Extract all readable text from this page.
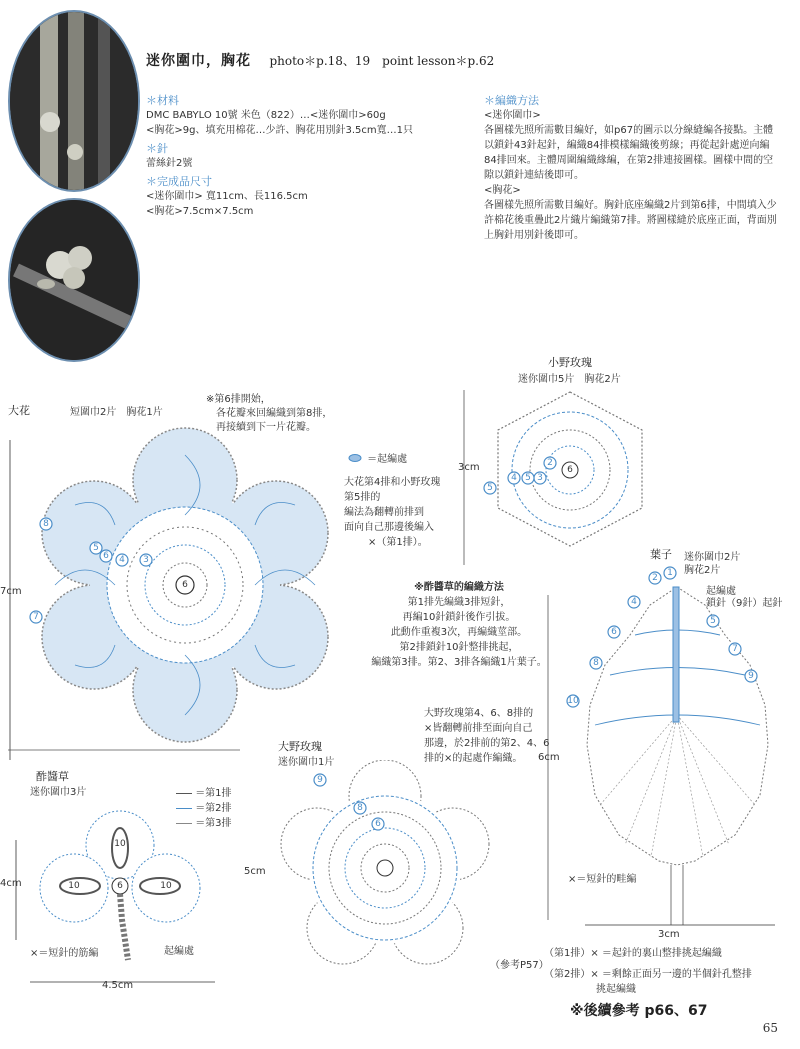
迷你圍巾，胸花 photo＊p.18、19　point lesson＊p.62
＊材料
DMC BABYLO 10號 米色（822）…<迷你圍巾>60g
<胸花>9g、填充用棉花…少許、胸花用別針3.5cm寬…1只
＊針
蕾絲針2號
＊完成品尺寸
<迷你圍巾> 寬11cm、長116.5cm
<胸花>7.5cm×7.5cm
＊編織方法
<迷你圍巾>
各圖樣先照所需數目編好，如p67的圖示以分線縫編各接點。主體以鎖針43針起針，編織84排模樣編織後剪線；再從起針處逆向編84排回來。主體周圍編織緣編，在第2排連接圖樣。圖樣中間的空隙以鎖針連結後即可。
<胸花>
各圖樣先照所需數目編好。胸針底座編織2片到第6排，中間填入少許棉花後重疊此2片織片編織第7排。將圖樣縫於底座正面，背面別上胸針用別針後即可。
大花	短圍巾2片　胸花1片
※第6排開始，
各花瓣來回編織到第8排，
再接續到下一片花瓣。
7cm
6
8
5
6 4 3
7
＝起編處
大花第4排和小野玫瑰
第5排的
編法為翻轉前排到
面向自己那邊後編入
×（第1排）。
小野玫瑰
迷你圍巾5片　胸花2片
3cm	6
2
3
4 5
5
※酢醬草的編織方法
第1排先編織3排短針，
再編10針鎖針後作引拔。
此動作重複3次，再編織莖部。
第2排鎖針10針整排挑起，
編織第3排。第2、3排各編織1片葉子。
葉子 迷你圍巾2片
胸花2片
起編處
鎖針（9針）起針
6cm
3cm
×＝短針的畦編
1
2
4
5
6
7
8
9
10
酢醬草
迷你圍巾3片	＝第1排
＝第2排
＝第3排
4cm
4.5cm
起編處
×＝短針的筋編
6
10
10	10
大野玫瑰
迷你圍巾1片
5cm
大野玫瑰第4、6、8排的
×皆翻轉前排至面向自己
那邊，於2排前的第2、4、6
排的×的起處作編織。
9
8
6
（第1排）× ＝起針的裏山整排挑起編織
（參考P57）
（第2排）× ＝剩餘正面另一邊的半個針孔整排
挑起編織
※後續參考 p66、67
65
